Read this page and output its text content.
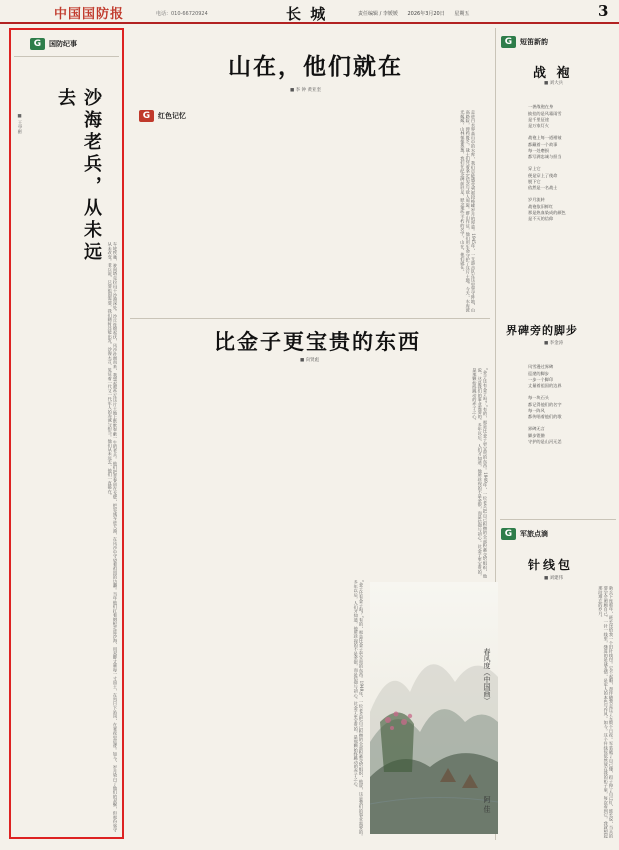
中国国防报	电话：010-66720924	长 城	责任编辑 / 李媛媛 2026年3月20日 星期五	3
G	国防纪事
沙海老兵，从未远去
■ 王学彬
车轮疾驰，驶向塔克拉玛干沙漠深处。沙丘连绵起伏，风沙扑面而来，我想起那些在这片土地上默默奉献一生的老兵。他们把青春留在戈壁，把忠诚写进大漠，在风沙中守望着祖国的边疆。当年他们扛着钢枪走进沙海，用双脚丈量每一寸国土，在烈日下站岗，在寒夜里巡逻。如今，岁月染白了他们的双鬓，但那份坚守从未改变。老兵说，只要祖国需要，我们随时还能出发。沙海无言，见证着一代又一代军人的赤诚与担当。他们从未远去，他们一直都在。
山在，他们就在
■ 李 钟 黄亚奎
G	红色记忆	走进白水界高山中的水库，我们总能感受到那段峥嵘岁月的厚重。1945年，一支游击队在这里坚守阵地，山高路险，弹药匮乏，战士们凭着坚定信念与敌人周旋。群山作证，他们用生命守护了这片土地。今天，水库波光粼粼，山林郁郁葱葱，我们在纪念碑前驻足，默念那些不朽的名字。山在，他们就在。
比金子更宝贵的东西
■ 向贤彪
“金子还有金子吗？”有的，那是比金子更宝贵的东西。1949年，一位老兵把自己积攒的全部积蓄交给组织，他说，这是我们的事业需要的。多年以后，人们才知道，他所珍视的不是金银，而是信仰与初心。比金子更宝贵的，是那颗始终跳动的赤子之心。
“金子还有金子吗？”有的，那是比金子更宝贵的东西。1949年，一位老兵把自己积攒的全部积蓄交给组织，他说，这是我们的事业需要的。多年以后，人们才知道，他所珍视的不是金银，而是信仰与初心。比金子更宝贵的，是那颗始终跳动的赤子之心。	春风度（中国画）
阿 佳
G	短笛新韵
战 袍
■ 刘大兵

一袭战袍在身
披挂的是风霜雨雪
是千里征途
是万家灯火

战袍上每一道褶皱
都藏着一个故事
每一处磨损
都写满忠诚与担当

穿上它
便是穿上了使命
脱下它
依然是一名战士

岁月流转
战袍依旧鲜红
那是热血染成的颜色
是不灭的信仰

界碑旁的脚步
■ 李金涛

风雪漫过界碑
巡逻的脚步
一步一个脚印
丈量着祖国的边界

每一块石头
都记得他们的名字
每一阵风
都传唱着他们的歌

界碑无言
脚步铿锵
守护的是山河无恙

G	军旅点滴
针线包
■ 刘建伟
新兵下连那年，班长送给我一个旧针线包。它不起眼，却伴随我走过了无数个日夜。军装破了自己缝，扣子掉了自己钉，班长说，当兵的要学会照顾自己。一针一线里，缝进的是战友情，是军人的本色与作风。如今，这个针线包依然放在我的柜子里，每次看到它，我就想起那段难忘的岁月。
